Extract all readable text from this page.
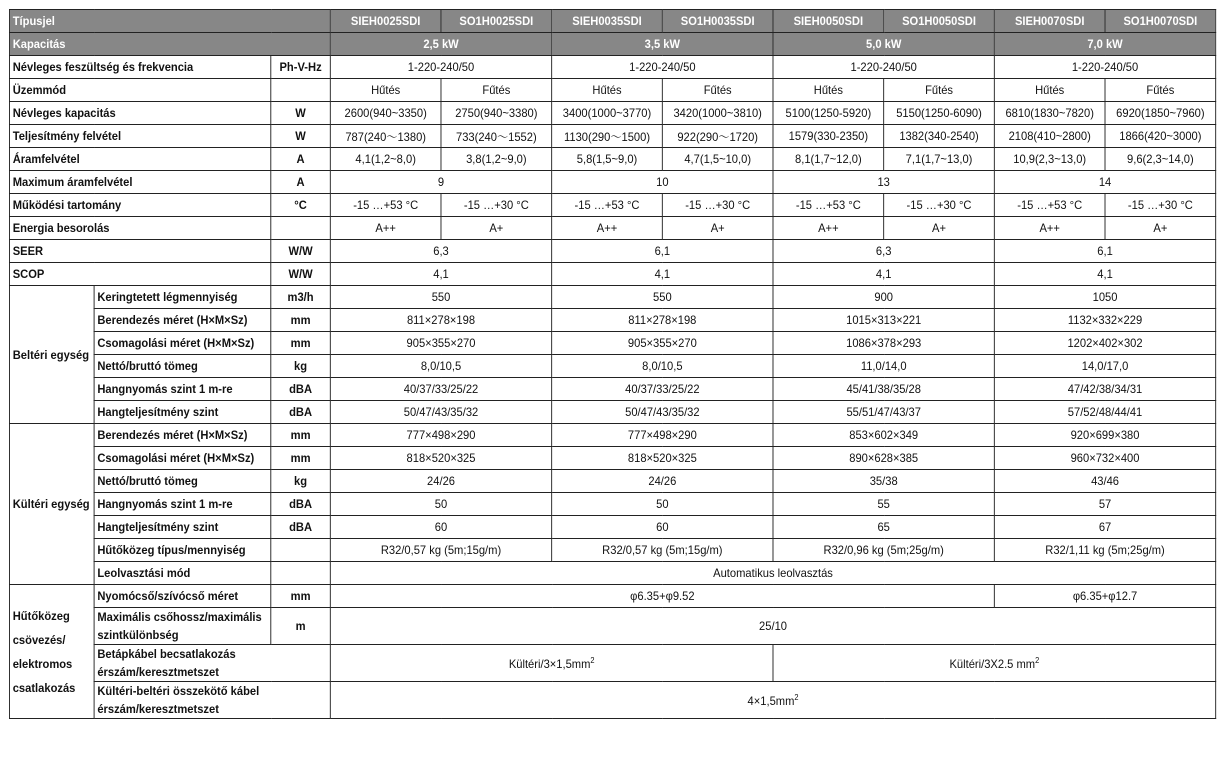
Típusjel			SIEH0025SDI	SO1H0025SDI	SIEH0035SDI	SO1H0035SDI	SIEH0050SDI	SO1H0050SDI	SIEH0070SDI	SO1H0070SDI
Kapacitás			2,5 kW		3,5 kW		5,0 kW		7,0 kW	
Névleges feszültség és frekvencia		Ph-V-Hz	1-220-240/50		1-220-240/50		1-220-240/50		1-220-240/50	
Üzemmód			Hűtés	Fűtés	Hűtés	Fűtés	Hűtés	Fűtés	Hűtés	Fűtés
Névleges kapacitás		W	2600(940~3350)	2750(940~3380)	3400(1000~3770)	3420(1000~3810)	5100(1250-5920)	5150(1250-6090)	6810(1830~7820)	6920(1850~7960)
Teljesítmény felvétel		W	787(240～1380)	733(240～1552)	1130(290～1500)	922(290～1720)	1579(330-2350)	1382(340-2540)	2108(410~2800)	1866(420~3000)
Áramfelvétel		A	4,1(1,2~8,0)	3,8(1,2~9,0)	5,8(1,5~9,0)	4,7(1,5~10,0)	8,1(1,7~12,0)	7,1(1,7~13,0)	10,9(2,3~13,0)	9,6(2,3~14,0)
Maximum áramfelvétel		A	9		10		13		14	
Működési tartomány		°C	-15 …+53 °C	-15 …+30 °C	-15 …+53 °C	-15 …+30 °C	-15 …+53 °C	-15 …+30 °C	-15 …+53 °C	-15 …+30 °C
Energia besorolás			A++	A+	A++	A+	A++	A+	A++	A+
SEER		W/W	6,3		6,1		6,3		6,1	
SCOP		W/W	4,1		4,1		4,1		4,1	
Beltéri egység	Keringtetett légmennyiség	m3/h	550		550		900		1050	
	Berendezés méret (H×M×Sz)	mm	811×278×198		811×278×198		1015×313×221		1132×332×229	
	Csomagolási méret (H×M×Sz)	mm	905×355×270		905×355×270		1086×378×293		1202×402×302	
	Nettó/bruttó tömeg	kg	8,0/10,5		8,0/10,5		11,0/14,0		14,0/17,0	
	Hangnyomás szint 1 m-re	dBA	40/37/33/25/22		40/37/33/25/22		45/41/38/35/28		47/42/38/34/31	
	Hangteljesítmény szint	dBA	50/47/43/35/32		50/47/43/35/32		55/51/47/43/37		57/52/48/44/41	
Kültéri egység	Berendezés méret (H×M×Sz)	mm	777×498×290		777×498×290		853×602×349		920×699×380	
	Csomagolási méret (H×M×Sz)	mm	818×520×325		818×520×325		890×628×385		960×732×400	
	Nettó/bruttó tömeg	kg	24/26		24/26		35/38		43/46	
	Hangnyomás szint 1 m-re	dBA	50		50		55		57	
	Hangteljesítmény szint	dBA	60		60		65		67	
	Hűtőközeg típus/mennyiség		R32/0,57 kg (5m;15g/m)		R32/0,57 kg (5m;15g/m)		R32/0,96 kg (5m;25g/m)		R32/1,11 kg (5m;25g/m)	
	Leolvasztási mód		Automatikus leolvasztás							
Hűtőközeg csövezés/ elektromos csatlakozás	Nyomócső/szívócső méret	mm	φ6.35+φ9.52						φ6.35+φ12.7	
	Maximális csőhossz/maximális szintkülönbség	m	25/10							
	Betápkábel becsatlakozás érszám/keresztmetszet		Kültéri/$3\times 1,5mm^2$				Kültéri/3X2.5 $mm^2$
	Kültéri-beltéri összekötő kábel érszám/keresztmetszet		$4\times 1,5mm^2$
